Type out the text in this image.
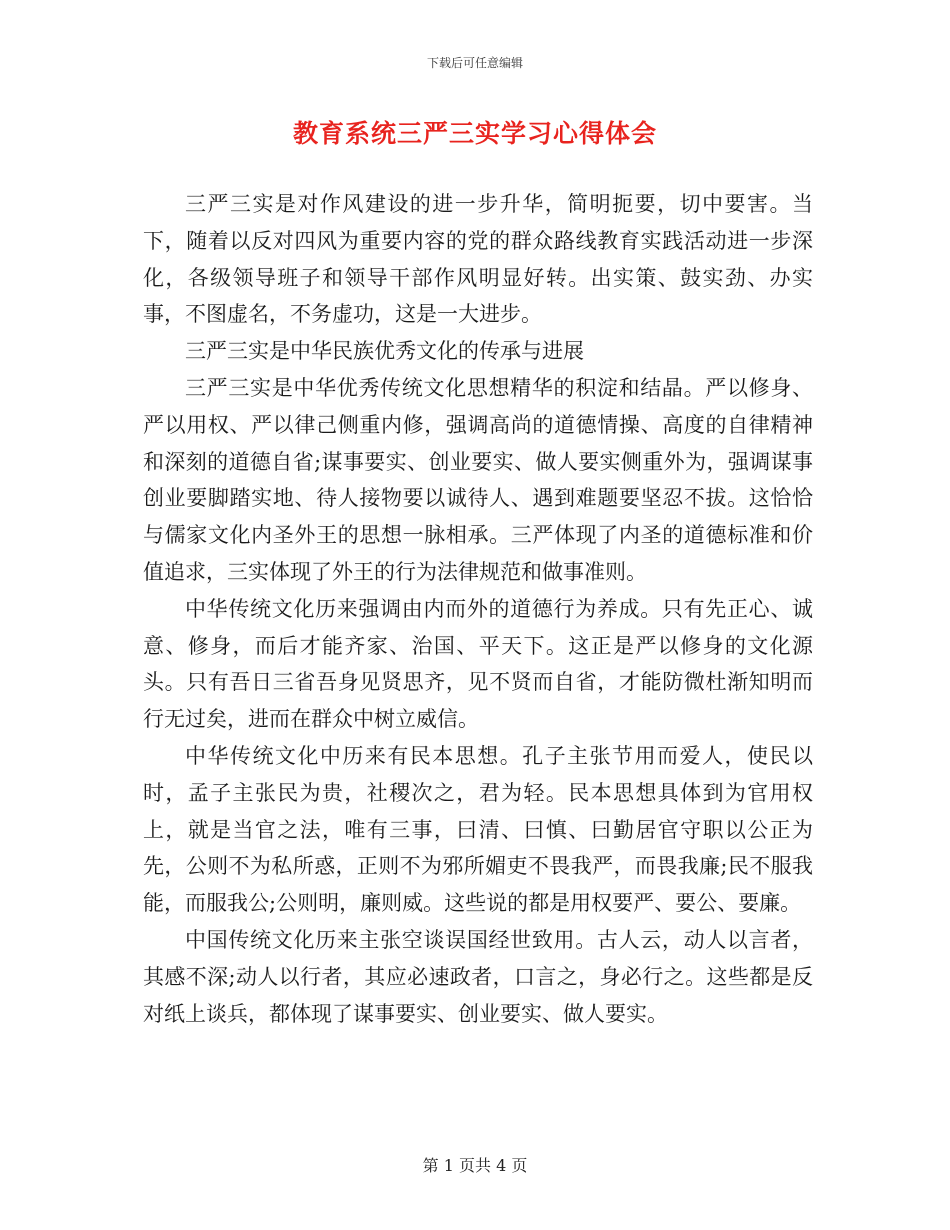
下载后可任意编辑
教育系统三严三实学习心得体会

三严三实是对作风建设的进一步升华，简明扼要，切中要害。当下，随着以反对四风为重要内容的党的群众路线教育实践活动进一步深化，各级领导班子和领导干部作风明显好转。出实策、鼓实劲、办实事，不图虚名，不务虚功，这是一大进步。

三严三实是中华民族优秀文化的传承与进展

三严三实是中华优秀传统文化思想精华的积淀和结晶。严以修身、严以用权、严以律己侧重内修，强调高尚的道德情操、高度的自律精神和深刻的道德自省;谋事要实、创业要实、做人要实侧重外为，强调谋事创业要脚踏实地、待人接物要以诚待人、遇到难题要坚忍不拔。这恰恰与儒家文化内圣外王的思想一脉相承。三严体现了内圣的道德标准和价值追求，三实体现了外王的行为法律规范和做事准则。

中华传统文化历来强调由内而外的道德行为养成。只有先正心、诚意、修身，而后才能齐家、治国、平天下。这正是严以修身的文化源头。只有吾日三省吾身见贤思齐，见不贤而自省，才能防微杜渐知明而行无过矣，进而在群众中树立威信。

中华传统文化中历来有民本思想。孔子主张节用而爱人，使民以时，孟子主张民为贵，社稷次之，君为轻。民本思想具体到为官用权上，就是当官之法，唯有三事，曰清、曰慎、曰勤居官守职以公正为先，公则不为私所惑，正则不为邪所媚吏不畏我严，而畏我廉;民不服我能，而服我公;公则明，廉则威。这些说的都是用权要严、要公、要廉。

中国传统文化历来主张空谈误国经世致用。古人云，动人以言者，其感不深;动人以行者，其应必速政者，口言之，身必行之。这些都是反对纸上谈兵，都体现了谋事要实、创业要实、做人要实。

第 1 页共 4 页
